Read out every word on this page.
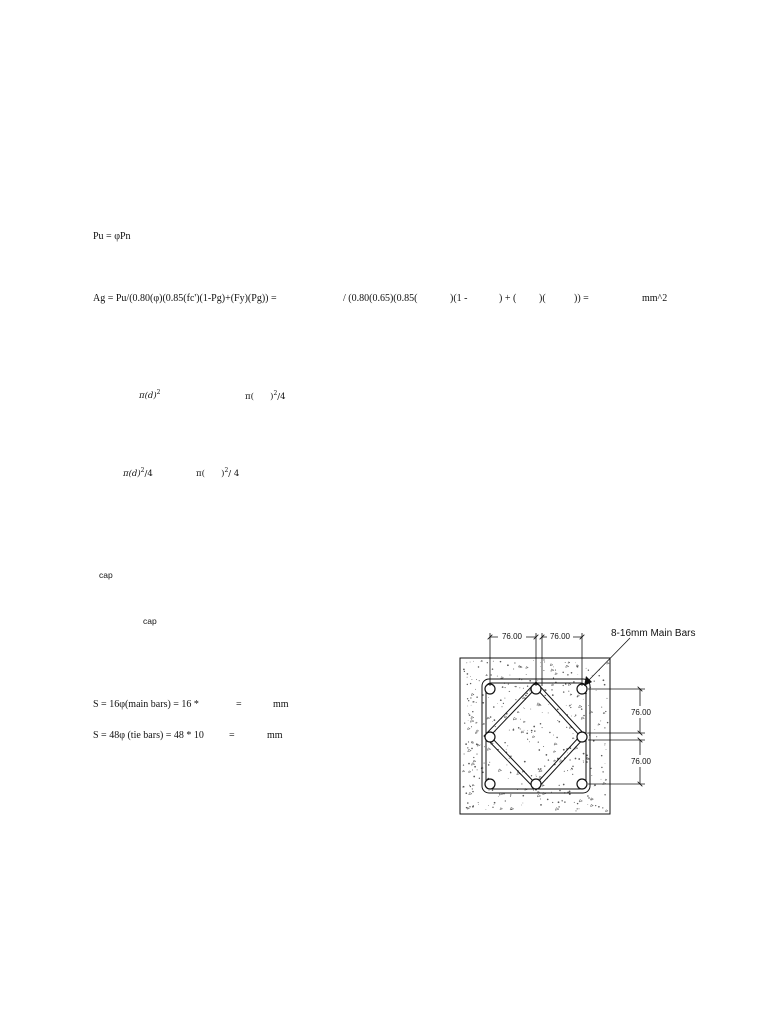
Pu = φPn
Ag = Pu/(0.80(φ)(0.85(fc')(1-Pg)+(Fy)(Pg)) =	/ (0.80(0.65)(0.85(	)(1 -	) + ( )(	)) =	mm^2
$\pi(d)^2$	π(      )$^2$/4
$\pi(d)^2/4$	π(      )$^2$/ 4
cap
cap
S = 16φ(main bars) = 16 *	=	mm
S = 48φ (tie bars) = 48 * 10	=	mm
76.00	76.00
76.00
76.00
8-16mm Main Bars
